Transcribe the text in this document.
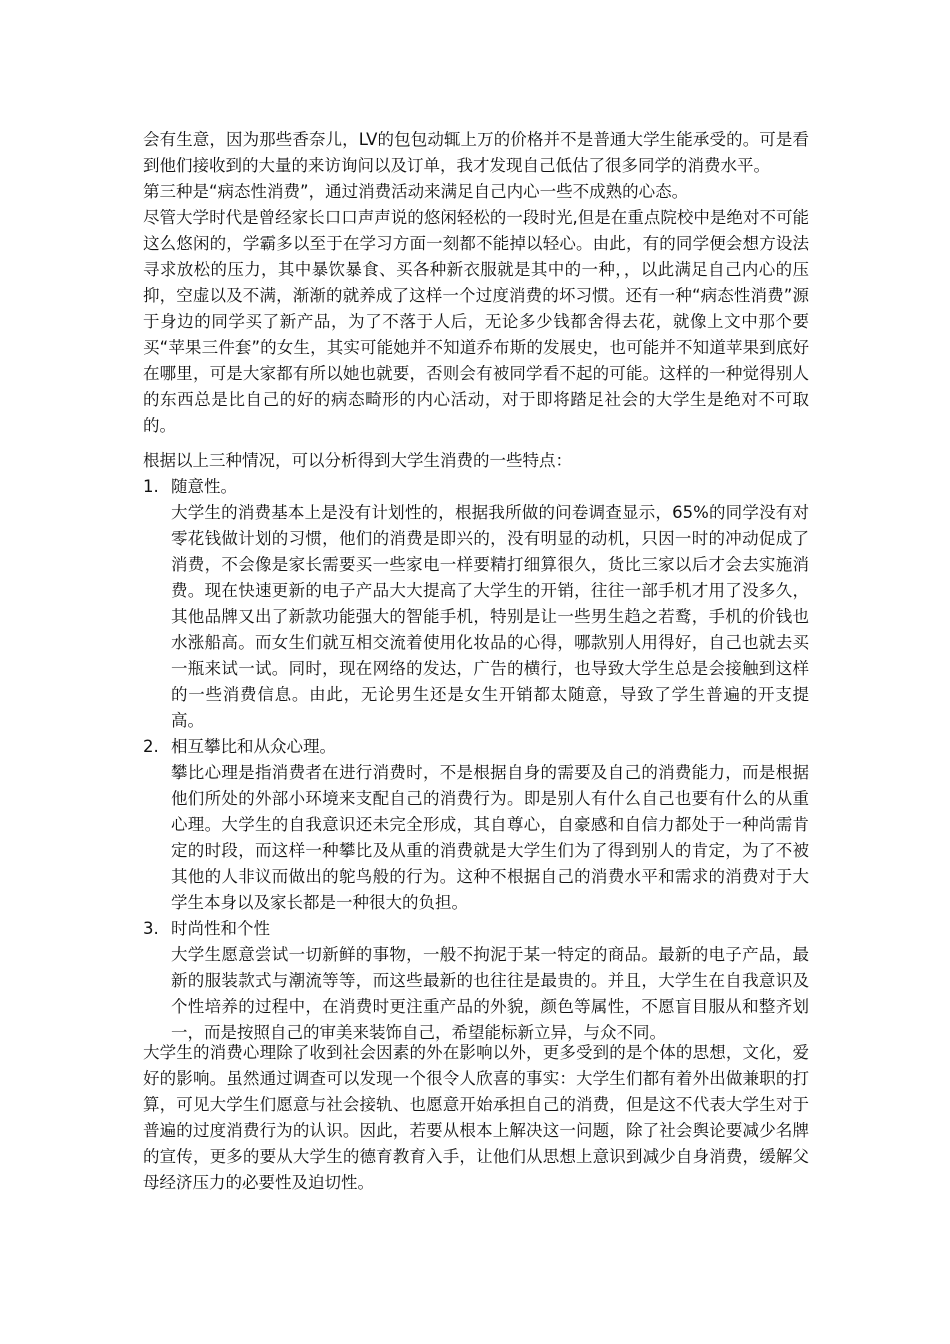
会有生意，因为那些香奈儿，LV的包包动辄上万的价格并不是普通大学生能承受的。可是看到他们接收到的大量的来访询问以及订单，我才发现自己低估了很多同学的消费水平。

第三种是“病态性消费”，通过消费活动来满足自己内心一些不成熟的心态。

尽管大学时代是曾经家长口口声声说的悠闲轻松的一段时光,但是在重点院校中是绝对不可能这么悠闲的，学霸多以至于在学习方面一刻都不能掉以轻心。由此，有的同学便会想方设法寻求放松的压力，其中暴饮暴食、买各种新衣服就是其中的一种，，以此满足自己内心的压抑，空虚以及不满，渐渐的就养成了这样一个过度消费的坏习惯。还有一种“病态性消费”源于身边的同学买了新产品，为了不落于人后，无论多少钱都舍得去花，就像上文中那个要买“苹果三件套”的女生，其实可能她并不知道乔布斯的发展史，也可能并不知道苹果到底好在哪里，可是大家都有所以她也就要，否则会有被同学看不起的可能。这样的一种觉得别人的东西总是比自己的好的病态畸形的内心活动，对于即将踏足社会的大学生是绝对不可取的。

根据以上三种情况，可以分析得到大学生消费的一些特点：

1. 随意性。

大学生的消费基本上是没有计划性的，根据我所做的问卷调查显示，65%的同学没有对零花钱做计划的习惯，他们的消费是即兴的，没有明显的动机，只因一时的冲动促成了消费，不会像是家长需要买一些家电一样要精打细算很久，货比三家以后才会去实施消费。现在快速更新的电子产品大大提高了大学生的开销，往往一部手机才用了没多久，其他品牌又出了新款功能强大的智能手机，特别是让一些男生趋之若鹜，手机的价钱也水涨船高。而女生们就互相交流着使用化妆品的心得，哪款别人用得好，自己也就去买一瓶来试一试。同时，现在网络的发达，广告的横行，也导致大学生总是会接触到这样的一些消费信息。由此，无论男生还是女生开销都太随意，导致了学生普遍的开支提高。

2. 相互攀比和从众心理。

攀比心理是指消费者在进行消费时，不是根据自身的需要及自己的消费能力，而是根据他们所处的外部小环境来支配自己的消费行为。即是别人有什么自己也要有什么的从重心理。大学生的自我意识还未完全形成，其自尊心，自豪感和自信力都处于一种尚需肯定的时段，而这样一种攀比及从重的消费就是大学生们为了得到别人的肯定，为了不被其他的人非议而做出的鸵鸟般的行为。这种不根据自己的消费水平和需求的消费对于大学生本身以及家长都是一种很大的负担。

3. 时尚性和个性

大学生愿意尝试一切新鲜的事物，一般不拘泥于某一特定的商品。最新的电子产品，最新的服装款式与潮流等等，而这些最新的也往往是最贵的。并且，大学生在自我意识及个性培养的过程中，在消费时更注重产品的外貌，颜色等属性，不愿盲目服从和整齐划一，而是按照自己的审美来装饰自己，希望能标新立异，与众不同。

大学生的消费心理除了收到社会因素的外在影响以外，更多受到的是个体的思想，文化，爱好的影响。虽然通过调查可以发现一个很令人欣喜的事实：大学生们都有着外出做兼职的打算，可见大学生们愿意与社会接轨、也愿意开始承担自己的消费，但是这不代表大学生对于普遍的过度消费行为的认识。因此，若要从根本上解决这一问题，除了社会舆论要减少名牌的宣传，更多的要从大学生的德育教育入手，让他们从思想上意识到减少自身消费，缓解父母经济压力的必要性及迫切性。
